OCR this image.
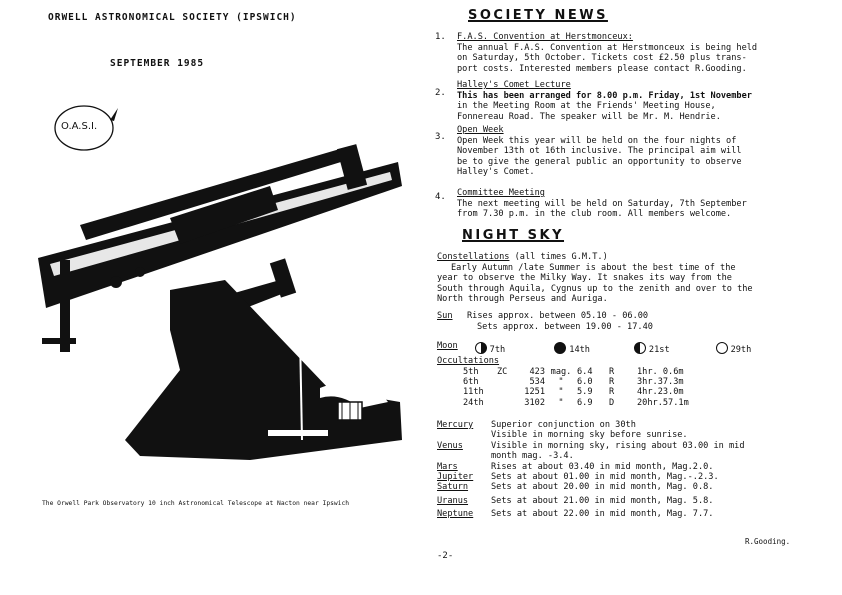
ORWELL ASTRONOMICAL SOCIETY (IPSWICH)
SEPTEMBER 1985
O.A.S.I.
The Orwell Park Observatory 10 inch Astronomical Telescope at Nacton near Ipswich
SOCIETY NEWS
1. F.A.S. Convention at Herstmonceux:
The annual F.A.S. Convention at Herstmonceux is being held
on Saturday, 5th October. Tickets cost £2.50 plus trans-
port costs. Interested members please contact R.Gooding.
2.
Halley's Comet Lecture
This has been arranged for 8.00 p.m. Friday, 1st November
in the Meeting Room at the Friends' Meeting House,
Fonnereau Road. The speaker will be Mr. M. Hendrie.
3.
Open Week
Open Week this year will be held on the four nights of
November 13th ot 16th inclusive. The principal aim will
be to give the general public an opportunity to observe
Halley's Comet.
4. Committee Meeting
The next meeting will be held on Saturday, 7th September
from 7.30 p.m. in the club room. All members welcome.
NIGHT SKY
Constellations (all times G.M.T.)
Early Autumn /late Summer is about the best time of the
year to observe the Milky Way. It snakes its way from the
South through Aquila, Cygnus up to the zenith and over to the
North through Perseus and Auriga.
Sun Rises approx. between 05.10 - 06.00
Sets approx. between 19.00 - 17.40
Moon	7th	14th	21st	29th
Occultations
5th	ZC	423	mag.	6.4	R	1hr. 0.6m
6th		534	"	6.0	R	3hr.37.3m
11th		1251	"	5.9	R	4hr.23.0m
24th		3102	"	6.9	D	20hr.57.1m
Mercury	Superior conjunction on 30th
Visible in morning sky before sunrise.

Venus	Visible in morning sky, rising about 03.00 in mid
month mag. -3.4.

Mars	Rises at about 03.40 in mid month, Mag.2.0.
Jupiter	Sets at about 01.00 in mid month, Mag.-.2.3.
Saturn	Sets at about 20.00 in mid month, Mag. 0.8.
Uranus	Sets at about 21.00 in mid month, Mag. 5.8.
Neptune	Sets at about 22.00 in mid month, Mag. 7.7.
R.Gooding.
-2-
